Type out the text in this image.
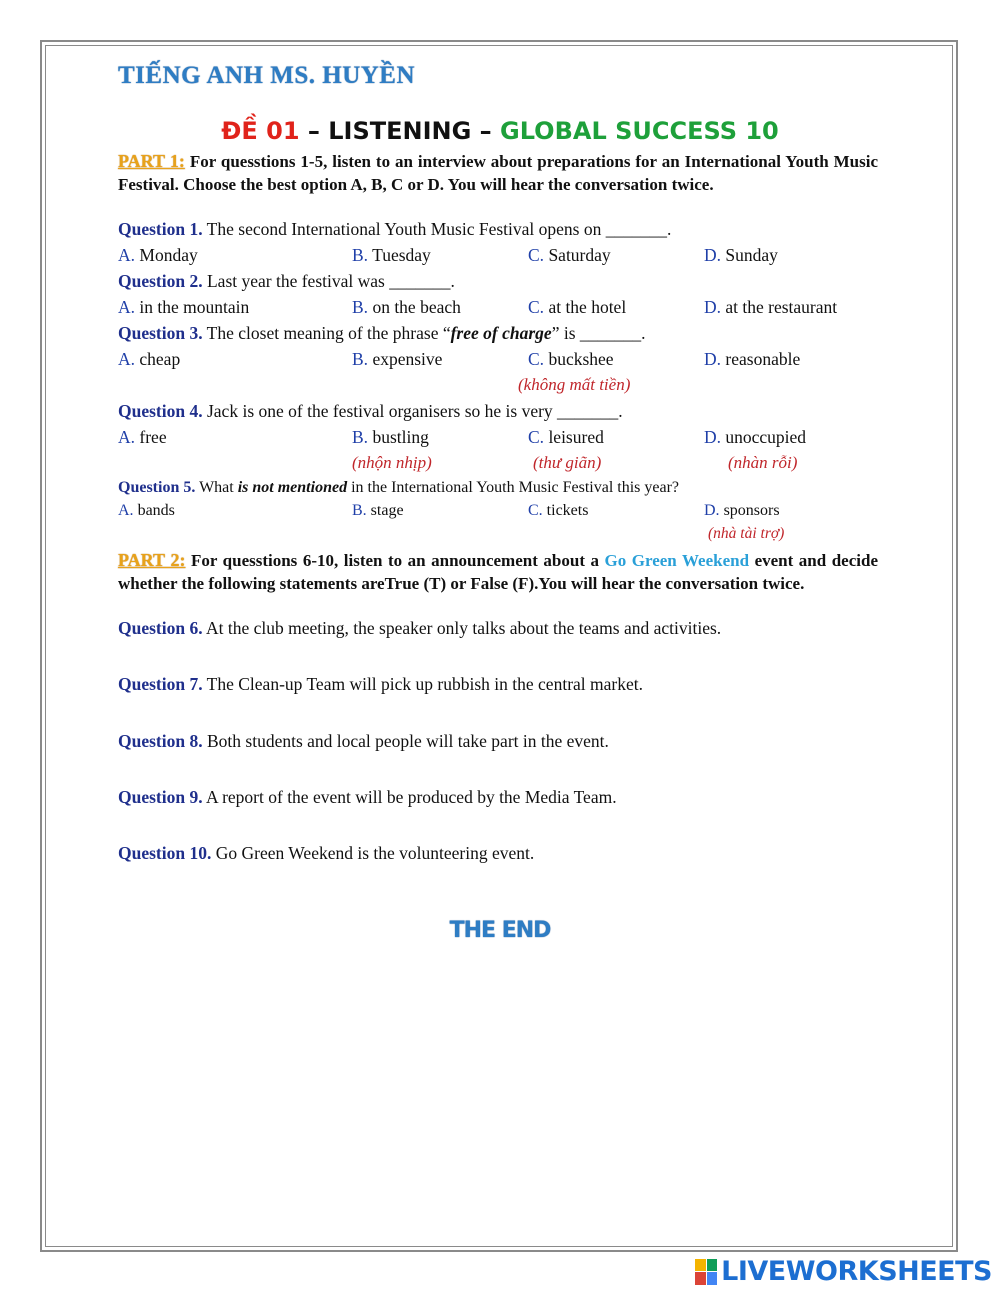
TIẾNG ANH MS. HUYỀN
ĐỀ 01 – LISTENING – GLOBAL SUCCESS 10
PART 1: For quesstions 1-5, listen to an interview about preparations for an International Youth Music Festival. Choose the best option A, B, C or D. You will hear the conversation twice.
Question 1. The second International Youth Music Festival opens on _______.
A. Monday	B. Tuesday	C. Saturday	D. Sunday
Question 2. Last year the festival was _______.
A. in the mountain	B. on the beach	C. at the hotel	D. at the restaurant
Question 3. The closet meaning of the phrase “free of charge” is _______.
A. cheap	B. expensive	C. buckshee	D. reasonable
(không mất tiền)
Question 4. Jack is one of the festival organisers so he is very _______.
A. free	B. bustling	C. leisured	D. unoccupied
(nhộn nhịp)	(thư giãn)	(nhàn rỗi)
Question 5. What is not mentioned in the International Youth Music Festival this year?
A. bands	B. stage	C. tickets	D. sponsors
(nhà tài trợ)
PART 2: For quesstions 6-10, listen to an announcement about a Go Green Weekend event and decide whether the following statements areTrue (T) or False (F).You will hear the conversation twice.
Question 6. At the club meeting, the speaker only talks about the teams and activities.
Question 7. The Clean-up Team will pick up rubbish in the central market.
Question 8. Both students and local people will take part in the event.
Question 9. A report of the event will be produced by the Media Team.
Question 10. Go Green Weekend is the volunteering event.
THE END
LIVEWORKSHEETS
